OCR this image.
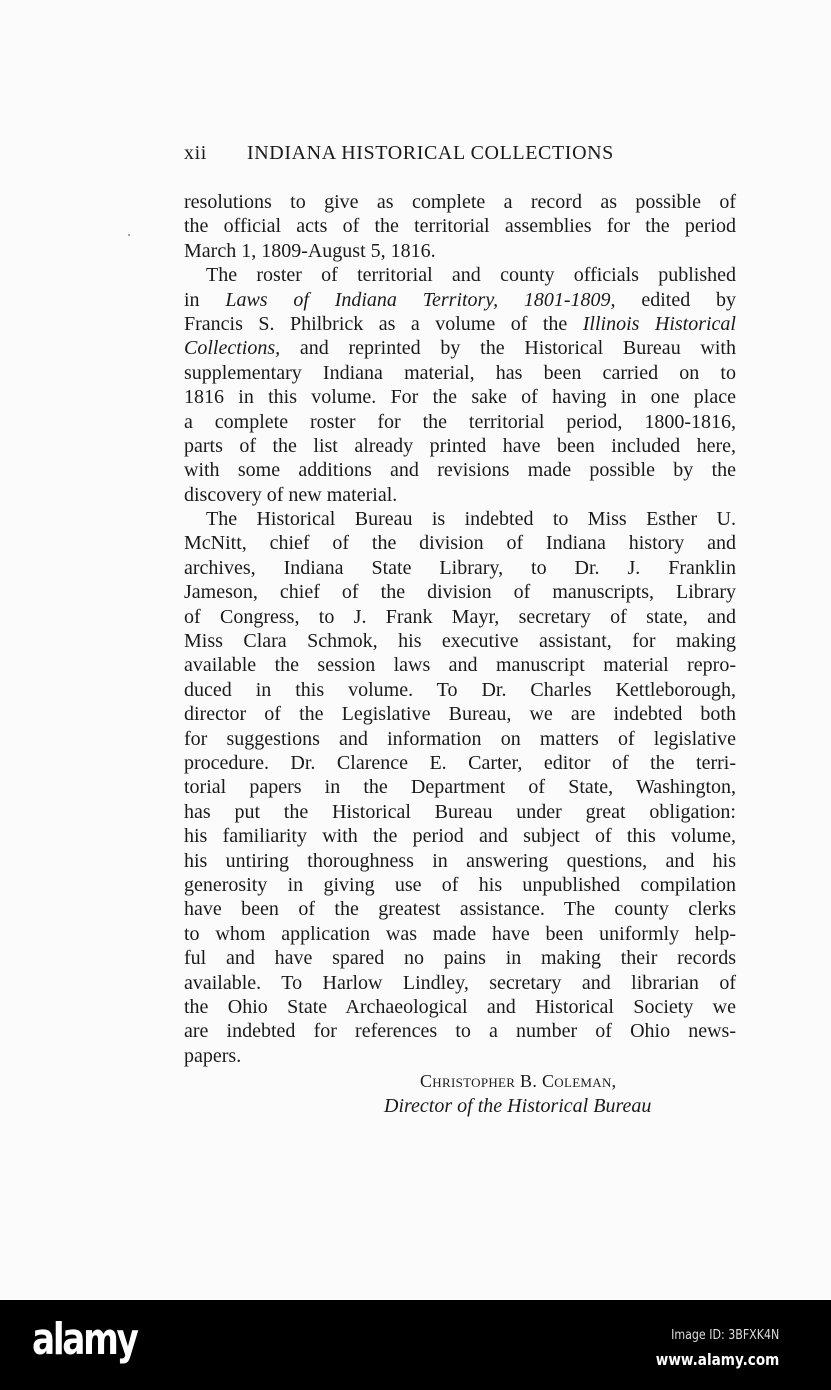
xii INDIANA HISTORICAL COLLECTIONS
resolutions to give as complete a record as possible of
the official acts of the territorial assemblies for the period
March 1, 1809-August 5, 1816.
The roster of territorial and county officials published
in Laws of Indiana Territory, 1801-1809, edited by
Francis S. Philbrick as a volume of the Illinois Historical
Collections, and reprinted by the Historical Bureau with
supplementary Indiana material, has been carried on to
1816 in this volume. For the sake of having in one place
a complete roster for the territorial period, 1800-1816,
parts of the list already printed have been included here,
with some additions and revisions made possible by the
discovery of new material.
The Historical Bureau is indebted to Miss Esther U.
McNitt, chief of the division of Indiana history and
archives, Indiana State Library, to Dr. J. Franklin
Jameson, chief of the division of manuscripts, Library
of Congress, to J. Frank Mayr, secretary of state, and
Miss Clara Schmok, his executive assistant, for making
available the session laws and manuscript material repro-
duced in this volume. To Dr. Charles Kettleborough,
director of the Legislative Bureau, we are indebted both
for suggestions and information on matters of legislative
procedure. Dr. Clarence E. Carter, editor of the terri-
torial papers in the Department of State, Washington,
has put the Historical Bureau under great obligation:
his familiarity with the period and subject of this volume,
his untiring thoroughness in answering questions, and his
generosity in giving use of his unpublished compilation
have been of the greatest assistance. The county clerks
to whom application was made have been uniformly help-
ful and have spared no pains in making their records
available. To Harlow Lindley, secretary and librarian of
the Ohio State Archaeological and Historical Society we
are indebted for references to a number of Ohio news-
papers.
Christopher B. Coleman,
Director of the Historical Bureau
alamy	Image ID: 3BFXK4N
www.alamy.com
